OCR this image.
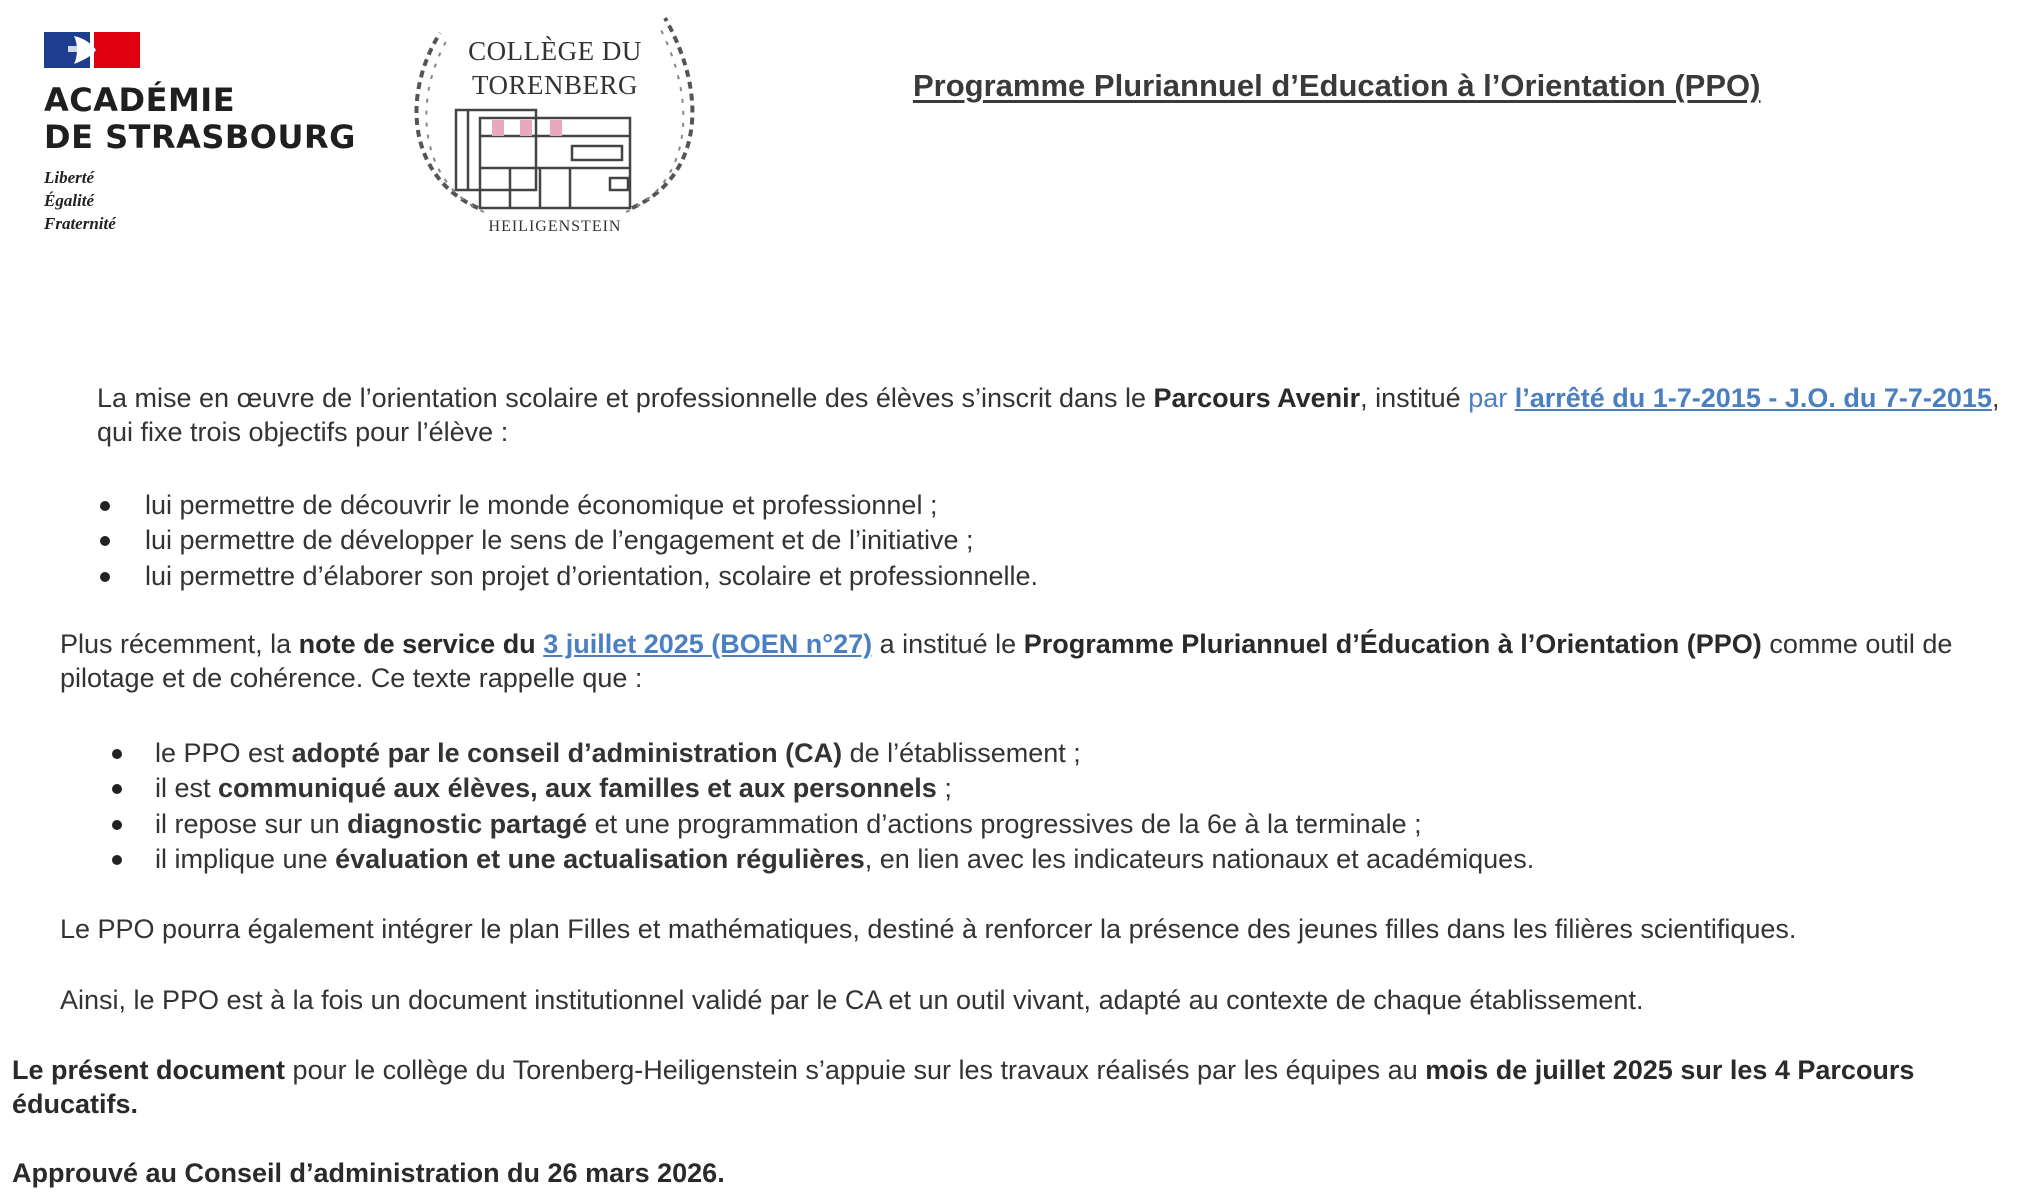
ACADÉMIE
DE STRASBOURG
Liberté
Égalité
Fraternité
COLLÈGE DU
TORENBERG
HEILIGENSTEIN
Programme Pluriannuel d’Education à l’Orientation (PPO)

La mise en œuvre de l’orientation scolaire et professionnelle des élèves s’inscrit dans le Parcours Avenir, institué par l’arrêté du 1-7-2015 - J.O. du 7-7-2015, qui fixe trois objectifs pour l’élève :

lui permettre de découvrir le monde économique et professionnel ;
lui permettre de développer le sens de l’engagement et de l’initiative ;
lui permettre d’élaborer son projet d’orientation, scolaire et professionnelle.

Plus récemment, la note de service du 3 juillet 2025 (BOEN n°27) a institué le Programme Pluriannuel d’Éducation à l’Orientation (PPO) comme outil de pilotage et de cohérence. Ce texte rappelle que :

le PPO est adopté par le conseil d’administration (CA) de l’établissement ;
il est communiqué aux élèves, aux familles et aux personnels ;
il repose sur un diagnostic partagé et une programmation d’actions progressives de la 6e à la terminale ;
il implique une évaluation et une actualisation régulières, en lien avec les indicateurs nationaux et académiques.

Le PPO pourra également intégrer le plan Filles et mathématiques, destiné à renforcer la présence des jeunes filles dans les filières scientifiques.

Ainsi, le PPO est à la fois un document institutionnel validé par le CA et un outil vivant, adapté au contexte de chaque établissement.

Le présent document pour le collège du Torenberg-Heiligenstein s’appuie sur les travaux réalisés par les équipes au mois de juillet 2025 sur les 4 Parcours éducatifs.

Approuvé au Conseil d’administration du 26 mars 2026.
